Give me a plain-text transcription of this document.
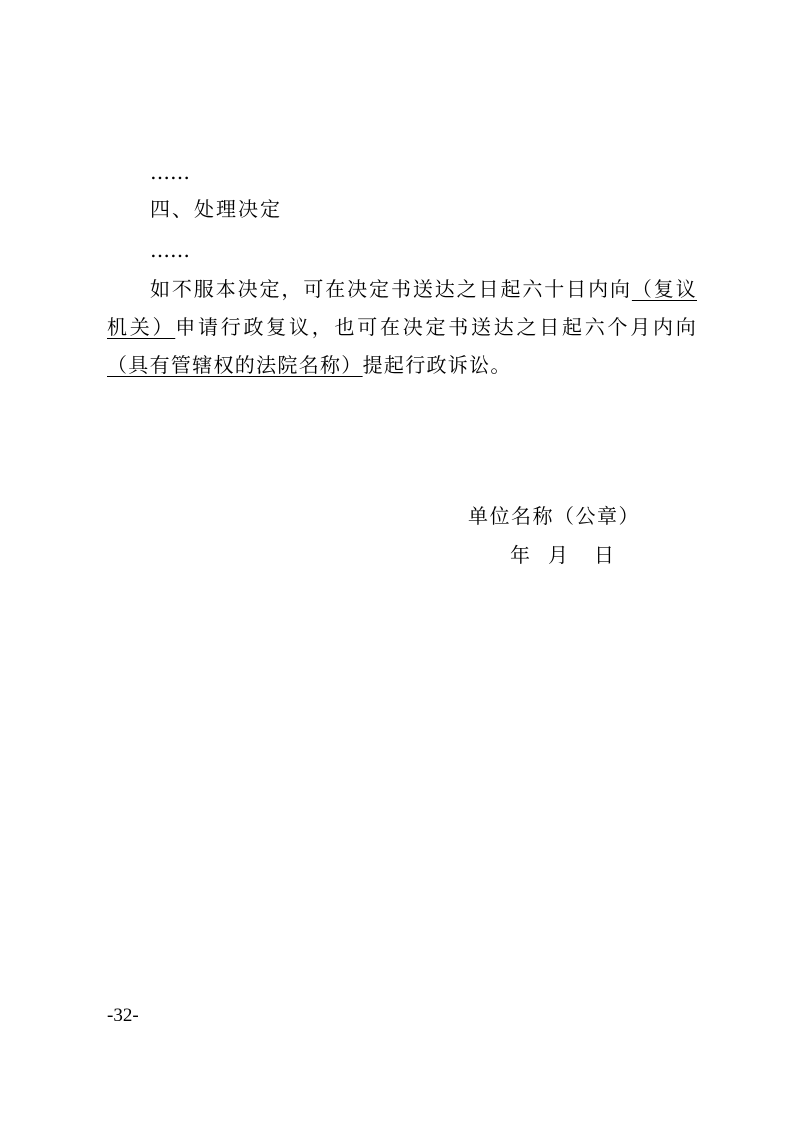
……
四、处理决定
……
如不服本决定，可在决定书送达之日起六十日内向（复议机关）申请行政复议，也可在决定书送达之日起六个月内向（具有管辖权的法院名称）提起行政诉讼。
单位名称（公章）
年 月 日
-32-
